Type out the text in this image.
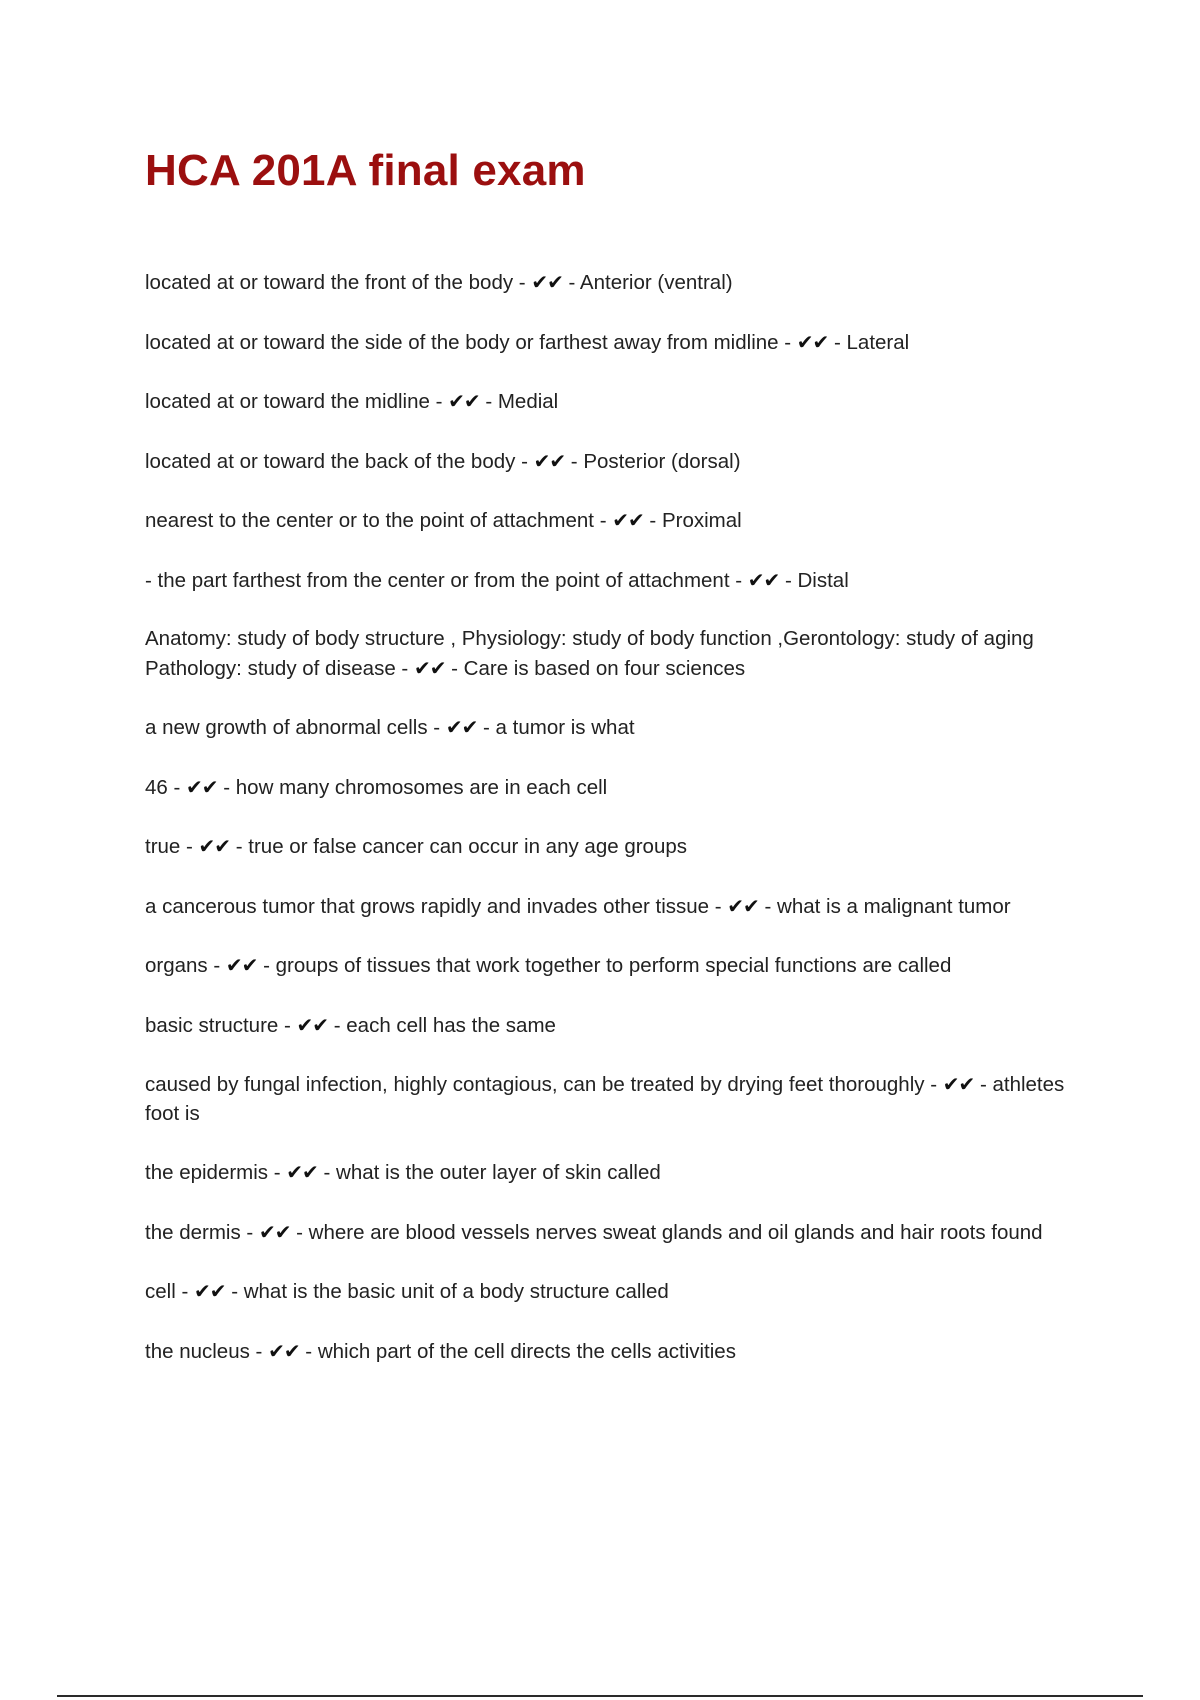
HCA 201A final exam
located at or toward the front of the body - ✔✔ - Anterior (ventral)
located at or toward the side of the body or farthest away from midline - ✔✔ - Lateral
located at or toward the midline - ✔✔ - Medial
located at or toward the back of the body - ✔✔ - Posterior (dorsal)
nearest to the center or to the point of attachment - ✔✔ - Proximal
- the part farthest from the center or from the point of attachment - ✔✔ - Distal
Anatomy: study of body structure , Physiology: study of body function ,Gerontology: study of aging Pathology: study of disease - ✔✔ - Care is based on four sciences
a new growth of abnormal cells - ✔✔ - a tumor is what
46 - ✔✔ - how many chromosomes are in each cell
true - ✔✔ - true or false cancer can occur in any age groups
a cancerous tumor that grows rapidly and invades other tissue - ✔✔ - what is a malignant tumor
organs - ✔✔ - groups of tissues that work together to perform special functions are called
basic structure - ✔✔ - each cell has the same
caused by fungal infection, highly contagious, can be treated by drying feet thoroughly - ✔✔ - athletes foot is
the epidermis - ✔✔ - what is the outer layer of skin called
the dermis - ✔✔ - where are blood vessels nerves sweat glands and oil glands and hair roots found
cell - ✔✔ - what is the basic unit of a body structure called
the nucleus - ✔✔ - which part of the cell directs the cells activities
